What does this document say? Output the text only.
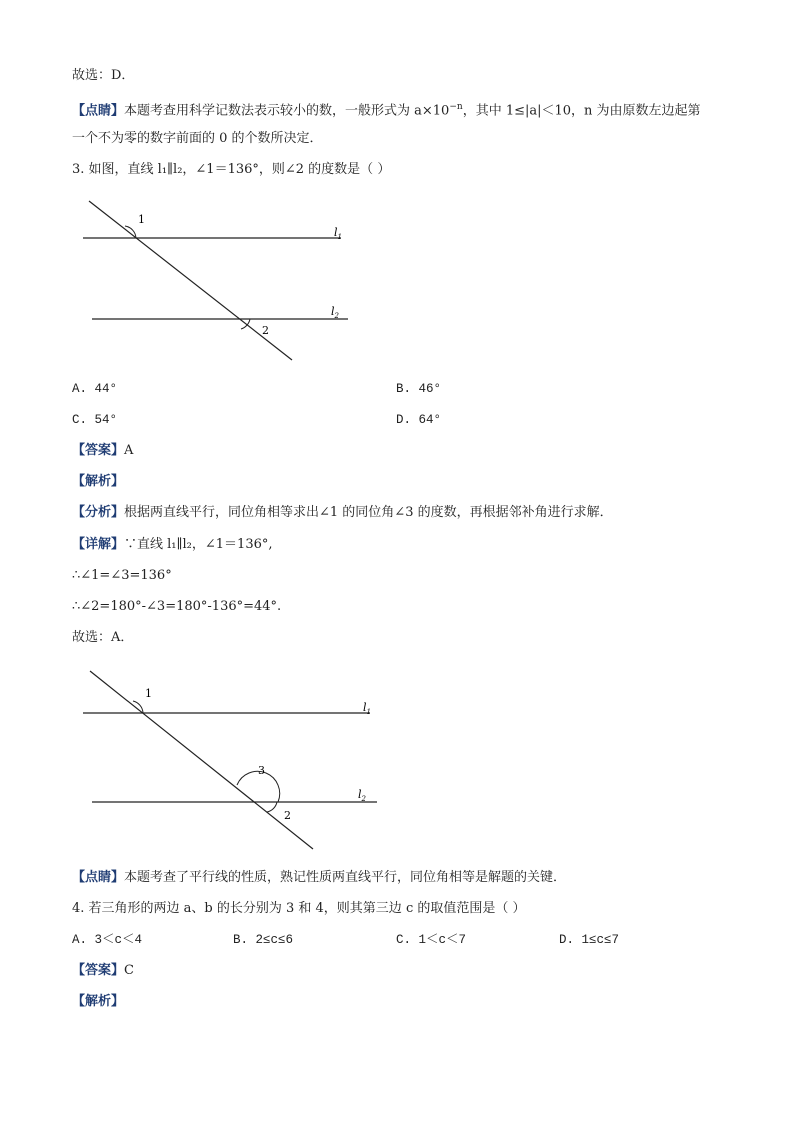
故选：D．
【点睛】本题考查用科学记数法表示较小的数，一般形式为 $a\times 10^{-n}$，其中 1≤|a|＜10，n 为由原数左边起第
一个不为零的数字前面的 0 的个数所决定．
3. 如图，直线 l₁∥l₂，∠1＝136°，则∠2 的度数是（ ）
1
2
$l_1$
$l_2$
A. 44°	B. 46°
C. 54°	D. 64°
【答案】A
【解析】
【分析】根据两直线平行，同位角相等求出∠1 的同位角∠3 的度数，再根据邻补角进行求解．
【详解】∵直线 l₁∥l₂，∠1＝136°,
∴∠1=∠3=136°
∴∠2=180°-∠3=180°-136°=44°.
故选：A．
1
3
2
$l_1$
$l_2$
【点睛】本题考查了平行线的性质，熟记性质两直线平行，同位角相等是解题的关键．
4. 若三角形的两边 a、b 的长分别为 3 和 4，则其第三边 c 的取值范围是（ ）
A. 3＜c＜4	B. 2≤c≤6	C. 1＜c＜7	D. 1≤c≤7
【答案】C
【解析】
